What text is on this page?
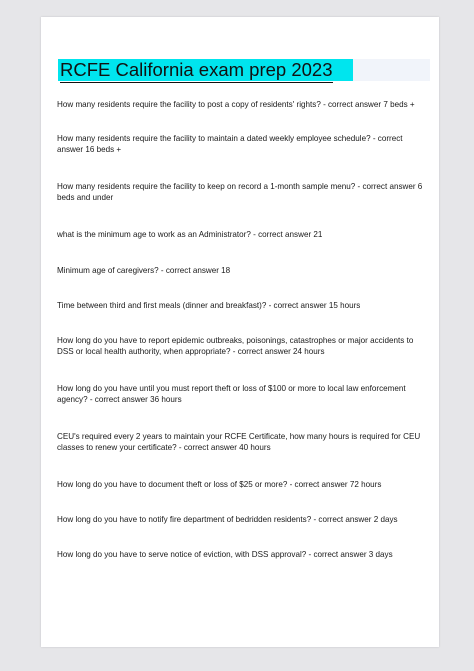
RCFE California exam prep 2023

How many residents require the facility to post a copy of residents' rights? - correct answer 7 beds +

How many residents require the facility to maintain a dated weekly employee schedule? - correct answer 16 beds +

How many residents require the facility to keep on record a 1-month sample menu? - correct answer 6 beds and under

what is the minimum age to work as an Administrator? - correct answer 21

Minimum age of caregivers? - correct answer 18

Time between third and first meals (dinner and breakfast)? - correct answer 15 hours

How long do you have to report epidemic outbreaks, poisonings, catastrophes or major accidents to DSS or local health authority, when appropriate? - correct answer 24 hours

How long do you have until you must report theft or loss of $100 or more to local law enforcement agency? - correct answer 36 hours

CEU's required every 2 years to maintain your RCFE Certificate, how many hours is required for CEU classes to renew your certificate? - correct answer 40 hours

How long do you have to document theft or loss of $25 or more? - correct answer 72 hours

How long do you have to notify fire department of bedridden residents? - correct answer 2 days

How long do you have to serve notice of eviction, with DSS approval? - correct answer 3 days
